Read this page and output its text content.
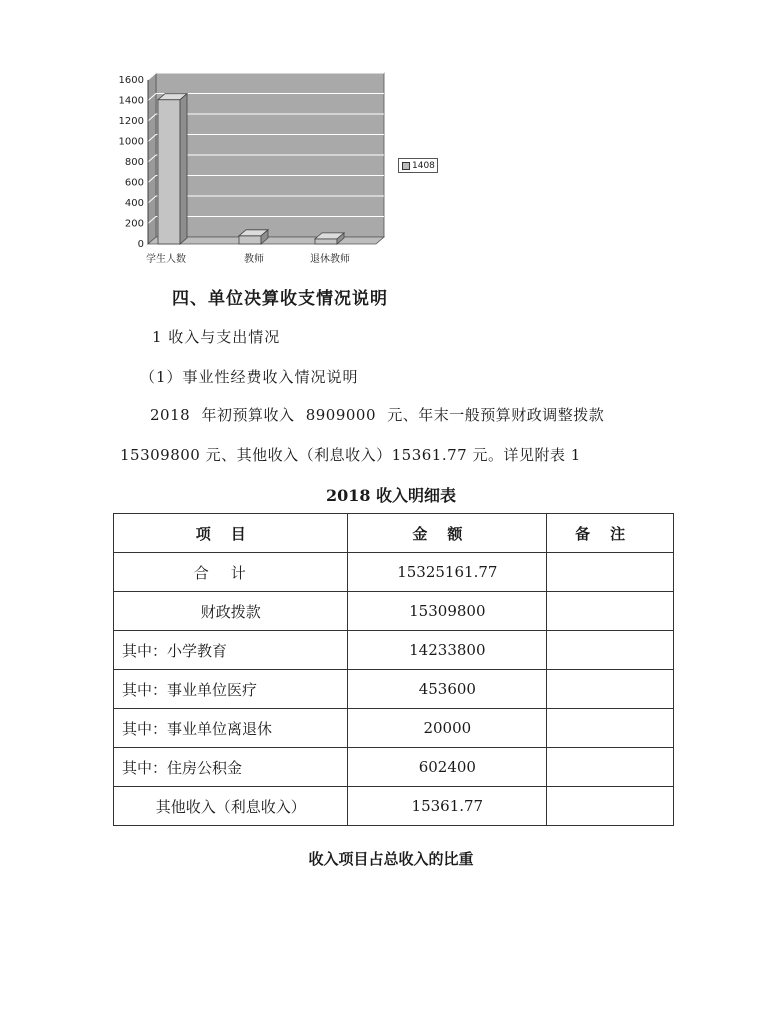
0
200
400
600
800
1000
1200
1400
1600
学生人数	教师	退休教师
1408
四、单位决算收支情况说明
1 收入与支出情况
（1）事业性经费收入情况说明
2018 年初预算收入 8909000 元、年末一般预算财政调整拨款
15309800 元、其他收入（利息收入）15361.77 元。详见附表 1
2018 收入明细表
项目	金额	备注
合计	15325161.77	
财政拨款	15309800	
其中：小学教育	14233800	
其中：事业单位医疗	453600	
其中：事业单位离退休	20000	
其中：住房公积金	602400	
其他收入（利息收入）	15361.77	
收入项目占总收入的比重
